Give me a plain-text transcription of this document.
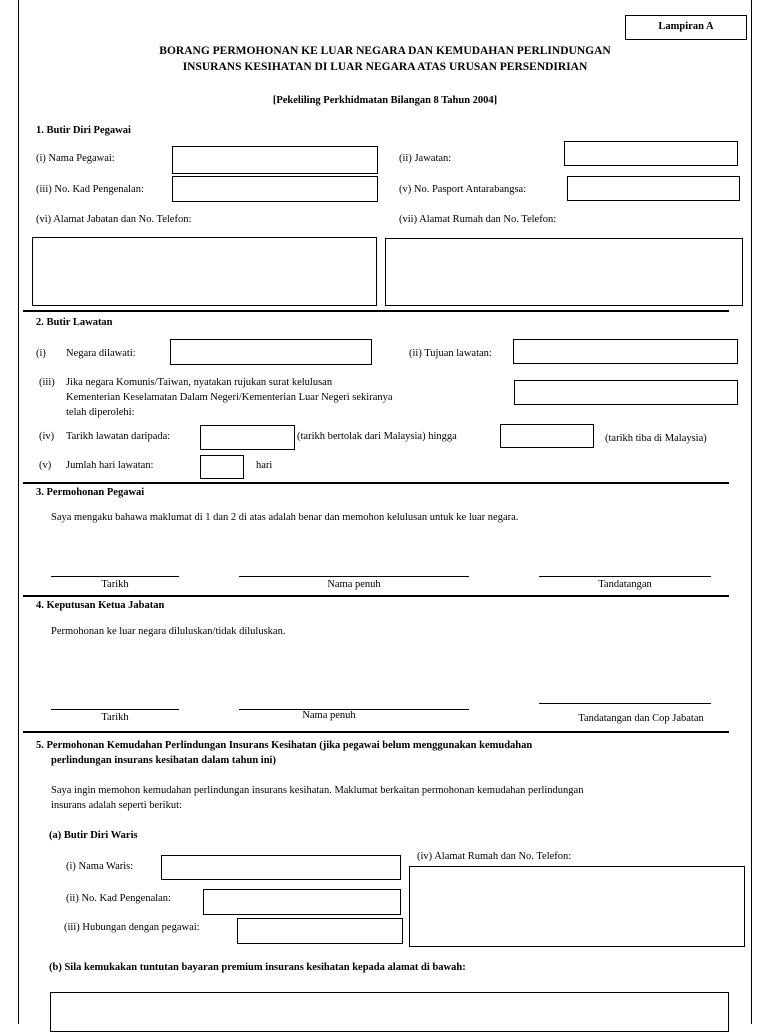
Lampiran A
BORANG PERMOHONAN KE LUAR NEGARA DAN KEMUDAHAN PERLINDUNGAN
INSURANS KESIHATAN DI LUAR NEGARA ATAS URUSAN PERSENDIRIAN
[Pekeliling Perkhidmatan Bilangan 8 Tahun 2004]
1. Butir Diri Pegawai
(i) Nama Pegawai:	(ii) Jawatan:
(iii) No. Kad Pengenalan:	(v) No. Pasport Antarabangsa:
(vi) Alamat Jabatan dan No. Telefon:	(vii) Alamat Rumah dan No. Telefon:
2. Butir Lawatan
(i) Negara dilawati:	(ii) Tujuan lawatan:
(iii) Jika negara Komunis/Taiwan, nyatakan rujukan surat kelulusan
Kementerian Keselamatan Dalam Negeri/Kementerian Luar Negeri sekiranya
telah diperolehi:
(iv) Tarikh lawatan daripada:	(tarikh bertolak dari Malaysia) hingga	(tarikh tiba di Malaysia)
(v) Jumlah hari lawatan:	hari
3. Permohonan Pegawai
Saya mengaku bahawa maklumat di 1 dan 2 di atas adalah benar dan memohon kelulusan untuk ke luar negara.
Tarikh	Nama penuh	Tandatangan
4. Keputusan Ketua Jabatan
Permohonan ke luar negara diluluskan/tidak diluluskan.
Tarikh	Nama penuh	Tandatangan dan Cop Jabatan
5. Permohonan Kemudahan Perlindungan Insurans Kesihatan (jika pegawai belum menggunakan kemudahan
perlindungan insurans kesihatan dalam tahun ini)
Saya ingin memohon kemudahan perlindungan insurans kesihatan. Maklumat berkaitan permohonan kemudahan perlindungan
insurans adalah seperti berikut:
(a) Butir Diri Waris
(i) Nama Waris:
(iv) Alamat Rumah dan No. Telefon:
(ii) No. Kad Pengenalan:
(iii) Hubungan dengan pegawai:
(b) Sila kemukakan tuntutan bayaran premium insurans kesihatan kepada alamat di bawah:
